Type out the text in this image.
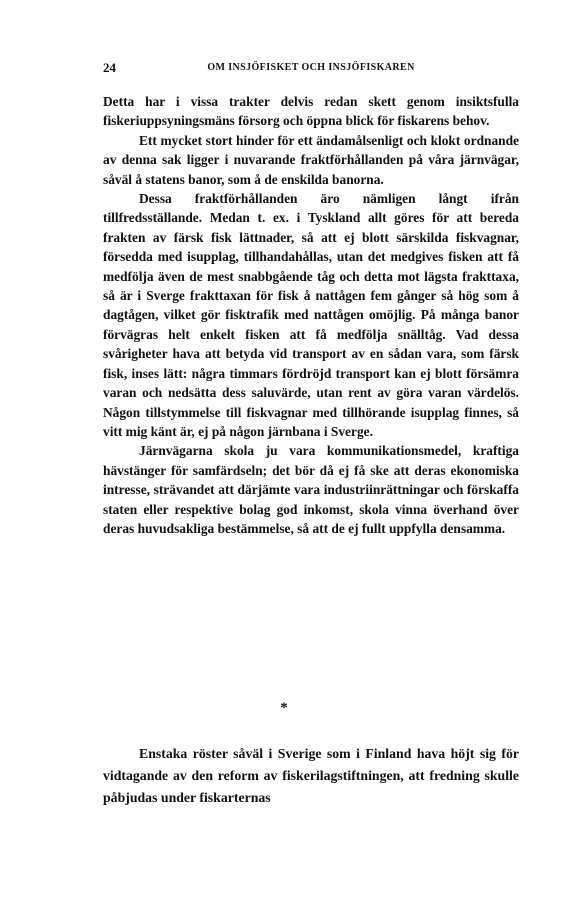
24	OM INSJÖFISKET OCH INSJÖFISKAREN

Detta har i vissa trakter delvis redan skett genom insiktsfulla fiskeriuppsyningsmäns försorg och öppna blick för fiskarens behov.

Ett mycket stort hinder för ett ändamålsenligt och klokt ordnande av denna sak ligger i nuvarande fraktförhållanden på våra järnvägar, såväl å statens banor, som å de enskilda banorna.

Dessa fraktförhållanden äro nämligen långt ifrån tillfredsställande. Medan t. ex. i Tyskland allt göres för att bereda frakten av färsk fisk lättnader, så att ej blott särskilda fiskvagnar, försedda med isupplag, tillhandahållas, utan det medgives fisken att få medfölja även de mest snabbgående tåg och detta mot lägsta frakttaxa, så är i Sverge frakttaxan för fisk å nattågen fem gånger så hög som å dagtågen, vilket gör fisktrafik med nattågen omöjlig. På många banor förvägras helt enkelt fisken att få medfölja snälltåg. Vad dessa svårigheter hava att betyda vid transport av en sådan vara, som färsk fisk, inses lätt: några timmars fördröjd transport kan ej blott försämra varan och nedsätta dess saluvärde, utan rent av göra varan värdelös. Någon tillstymmelse till fiskvagnar med tillhörande isupplag finnes, så vitt mig känt är, ej på någon järnbana i Sverge.

Järnvägarna skola ju vara kommunikationsmedel, kraftiga hävstänger för samfärdseln; det bör då ej få ske att deras ekonomiska intresse, strävandet att därjämte vara industriinrättningar och förskaffa staten eller respektive bolag god inkomst, skola vinna överhand över deras huvudsakliga bestämmelse, så att de ej fullt uppfylla densamma.

*

Enstaka röster såväl i Sverige som i Finland hava höjt sig för vidtagande av den reform av fiskerilagstiftningen, att fredning skulle påbjudas under fiskarternas
